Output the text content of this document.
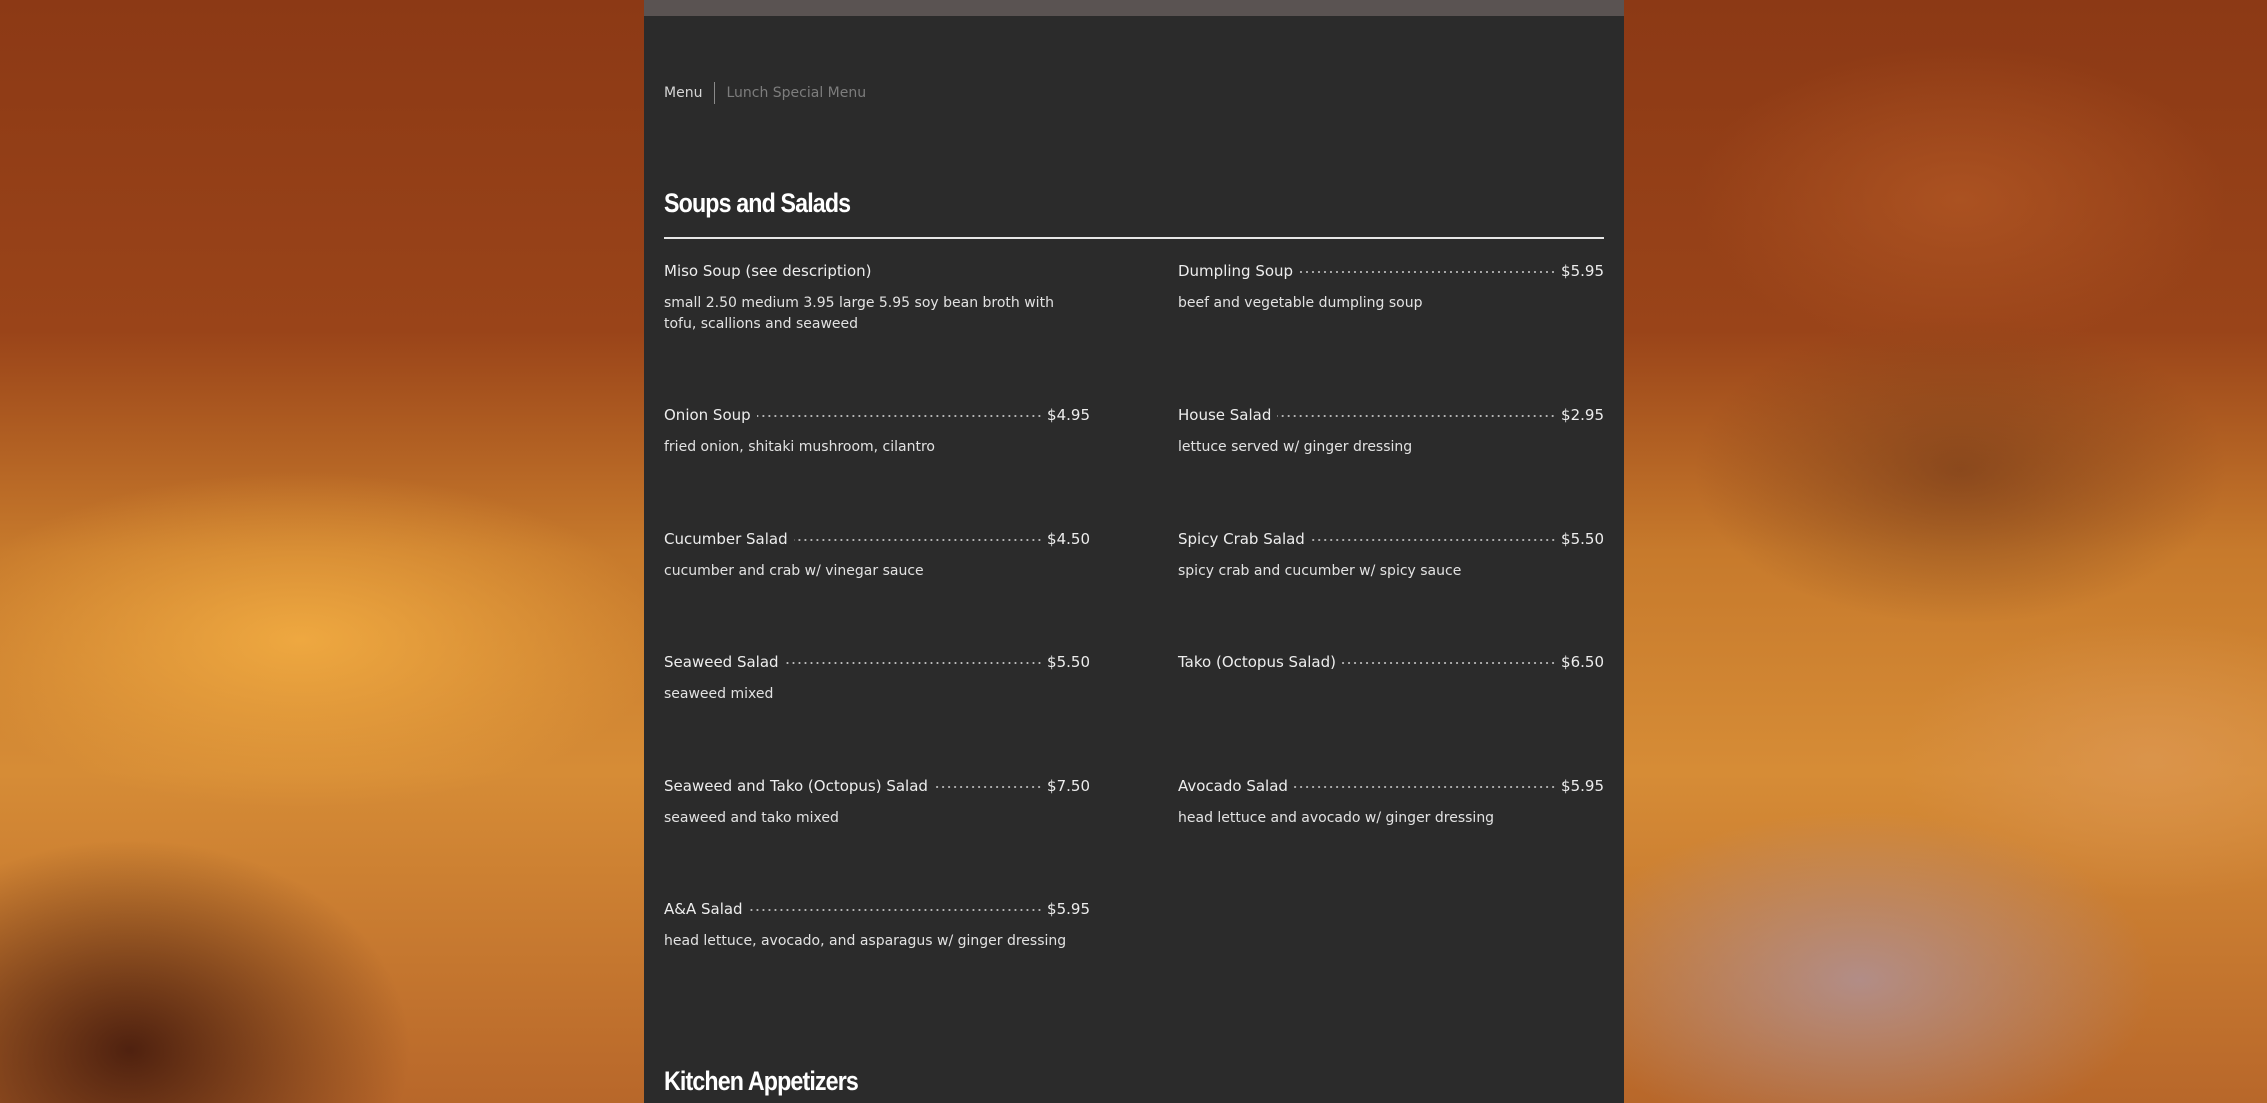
Menu Lunch Special Menu
Soups and Salads
Miso Soup (see description)
small 2.50 medium 3.95 large 5.95 soy bean broth with tofu, scallions and seaweed
Onion Soup	$4.95
fried onion, shitaki mushroom, cilantro
Cucumber Salad	$4.50
cucumber and crab w/ vinegar sauce
Seaweed Salad	$5.50
seaweed mixed
Seaweed and Tako (Octopus) Salad	$7.50
seaweed and tako mixed
A&A Salad	$5.95
head lettuce, avocado, and asparagus w/ ginger dressing
Dumpling Soup	$5.95
beef and vegetable dumpling soup
House Salad	$2.95
lettuce served w/ ginger dressing
Spicy Crab Salad	$5.50
spicy crab and cucumber w/ spicy sauce
Tako (Octopus Salad)	$6.50
Avocado Salad	$5.95
head lettuce and avocado w/ ginger dressing
Kitchen Appetizers
